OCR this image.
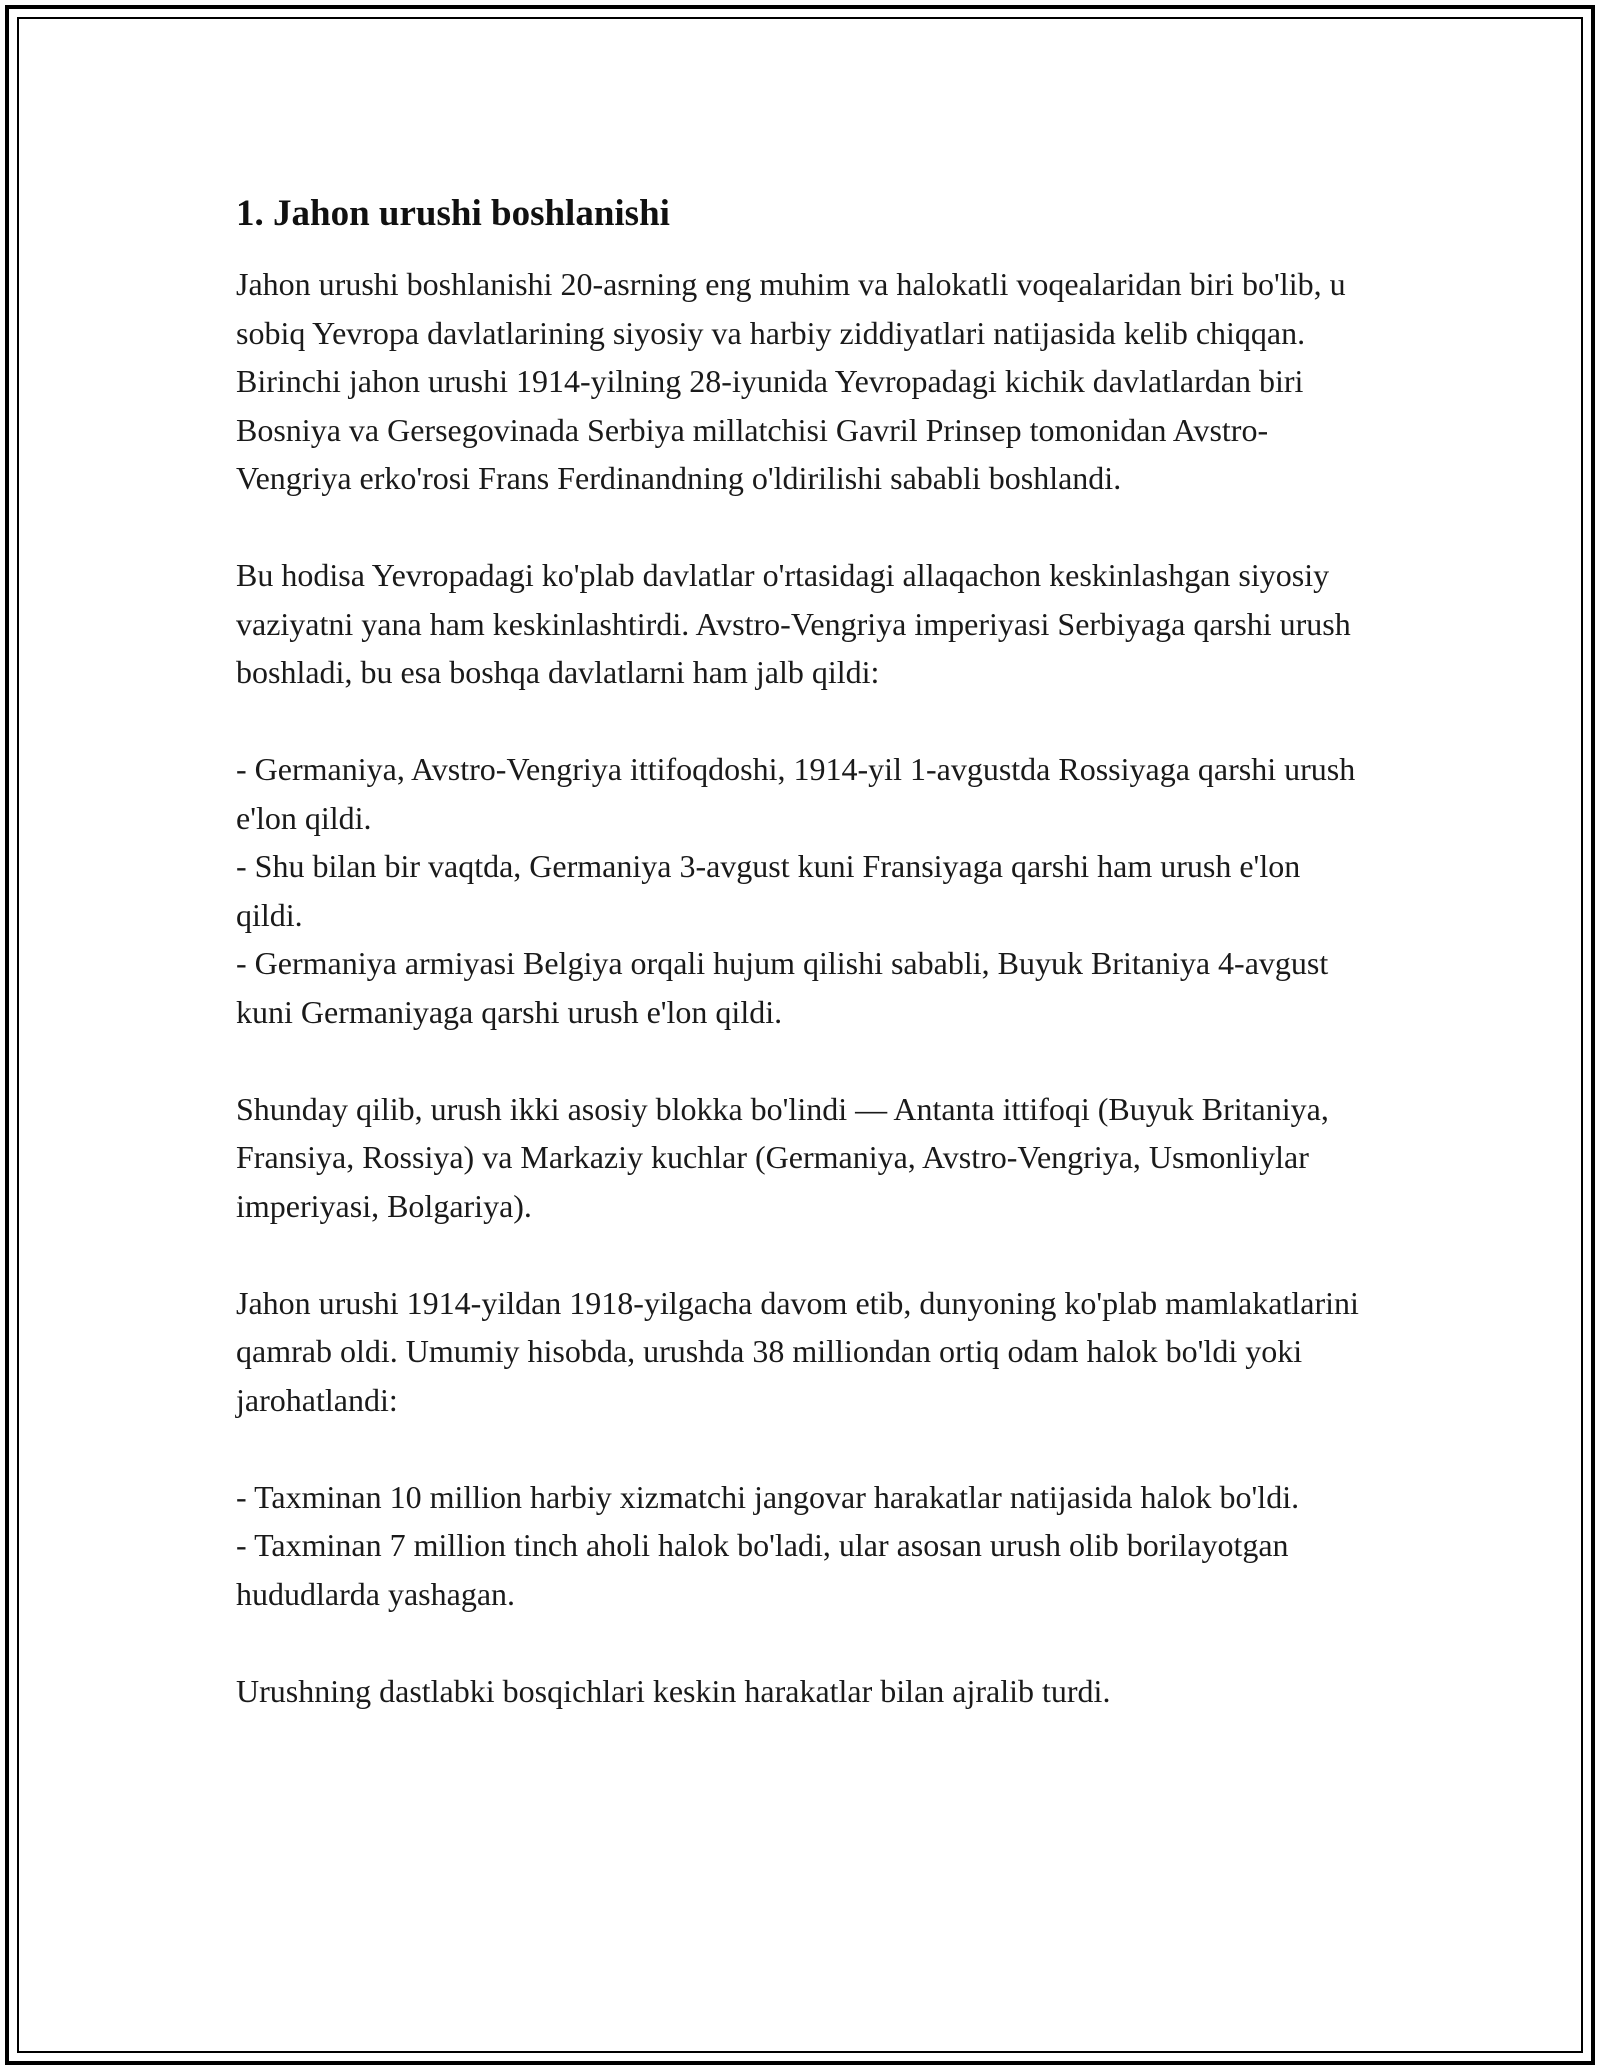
1. Jahon urushi boshlanishi

Jahon urushi boshlanishi 20-asrning eng muhim va halokatli voqealaridan biri bo'lib, u sobiq Yevropa davlatlarining siyosiy va harbiy ziddiyatlari natijasida kelib chiqqan. Birinchi jahon urushi 1914-yilning 28-iyunida Yevropadagi kichik davlatlardan biri Bosniya va Gersegovinada Serbiya millatchisi Gavril Prinsep tomonidan Avstro-Vengriya erko'rosi Frans Ferdinandning o'ldirilishi sababli boshlandi.

Bu hodisa Yevropadagi ko'plab davlatlar o'rtasidagi allaqachon keskinlashgan siyosiy vaziyatni yana ham keskinlashtirdi. Avstro-Vengriya imperiyasi Serbiyaga qarshi urush boshladi, bu esa boshqa davlatlarni ham jalb qildi:

- Germaniya, Avstro-Vengriya ittifoqdoshi, 1914-yil 1-avgustda Rossiyaga qarshi urush e'lon qildi.
- Shu bilan bir vaqtda, Germaniya 3-avgust kuni Fransiyaga qarshi ham urush e'lon qildi.
- Germaniya armiyasi Belgiya orqali hujum qilishi sababli, Buyuk Britaniya 4-avgust kuni Germaniyaga qarshi urush e'lon qildi.

Shunday qilib, urush ikki asosiy blokka bo'lindi — Antanta ittifoqi (Buyuk Britaniya, Fransiya, Rossiya) va Markaziy kuchlar (Germaniya, Avstro-Vengriya, Usmonliylar imperiyasi, Bolgariya).

Jahon urushi 1914-yildan 1918-yilgacha davom etib, dunyoning ko'plab mamlakatlarini qamrab oldi. Umumiy hisobda, urushda 38 milliondan ortiq odam halok bo'ldi yoki jarohatlandi:

- Taxminan 10 million harbiy xizmatchi jangovar harakatlar natijasida halok bo'ldi.
- Taxminan 7 million tinch aholi halok bo'ladi, ular asosan urush olib borilayotgan hududlarda yashagan.

Urushning dastlabki bosqichlari keskin harakatlar bilan ajralib turdi.
